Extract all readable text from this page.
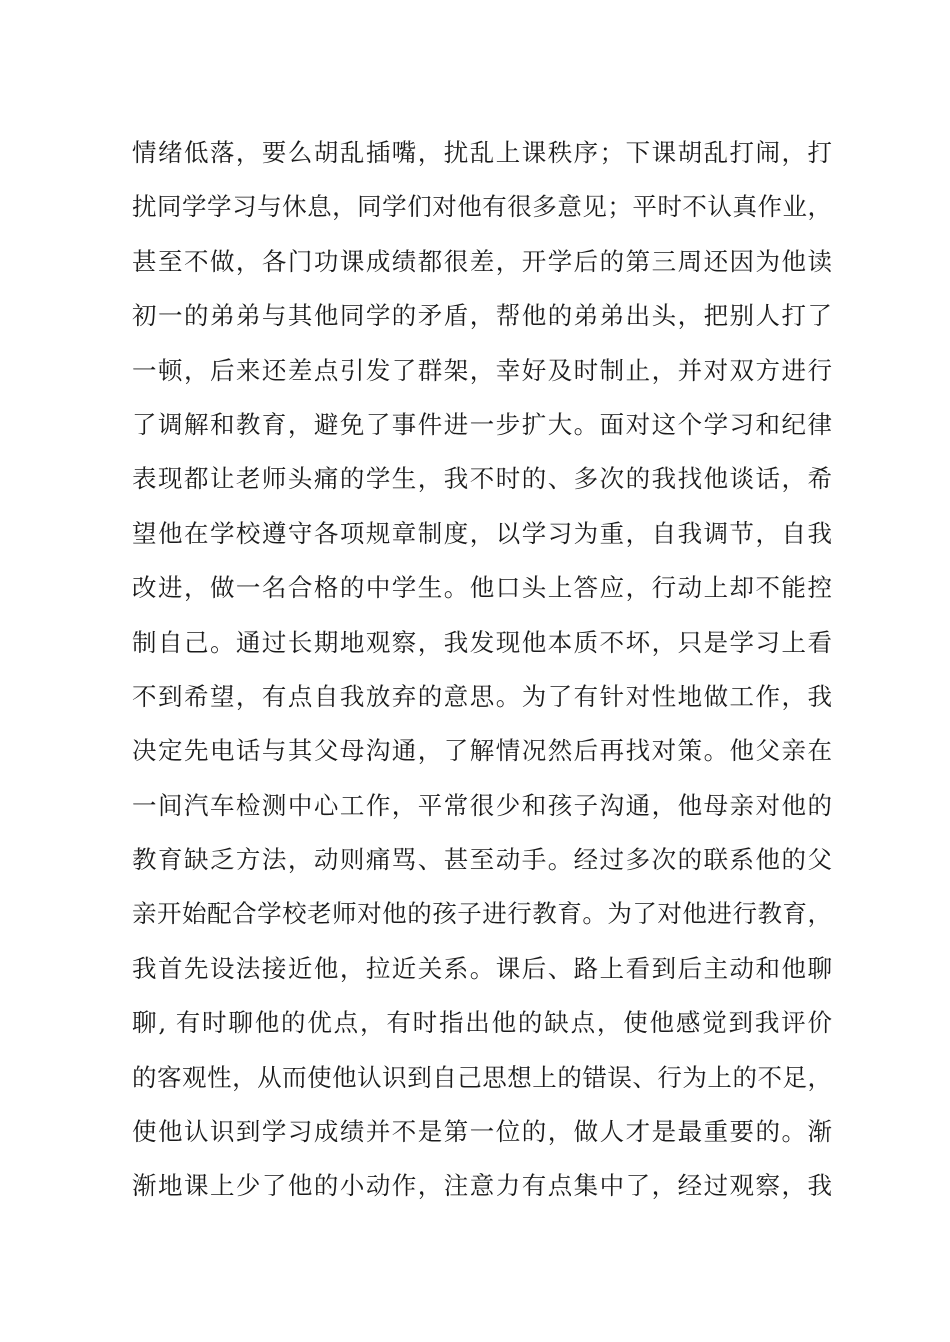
情绪低落，要么胡乱插嘴，扰乱上课秩序；下课胡乱打闹，打
扰同学学习与休息，同学们对他有很多意见；平时不认真作业，
甚至不做，各门功课成绩都很差，开学后的第三周还因为他读
初一的弟弟与其他同学的矛盾，帮他的弟弟出头，把别人打了
一顿，后来还差点引发了群架，幸好及时制止，并对双方进行
了调解和教育，避免了事件进一步扩大。面对这个学习和纪律
表现都让老师头痛的学生，我不时的、多次的我找他谈话，希
望他在学校遵守各项规章制度，以学习为重，自我调节，自我
改进，做一名合格的中学生。他口头上答应，行动上却不能控
制自己。通过长期地观察，我发现他本质不坏，只是学习上看
不到希望，有点自我放弃的意思。为了有针对性地做工作，我
决定先电话与其父母沟通，了解情况然后再找对策。他父亲在
一间汽车检测中心工作，平常很少和孩子沟通，他母亲对他的
教育缺乏方法，动则痛骂、甚至动手。经过多次的联系他的父
亲开始配合学校老师对他的孩子进行教育。为了对他进行教育，
我首先设法接近他，拉近关系。课后、路上看到后主动和他聊
聊, 有时聊他的优点，有时指出他的缺点，使他感觉到我评价
的客观性，从而使他认识到自己思想上的错误、行为上的不足，
使他认识到学习成绩并不是第一位的，做人才是最重要的。渐
渐地课上少了他的小动作，注意力有点集中了，经过观察，我
